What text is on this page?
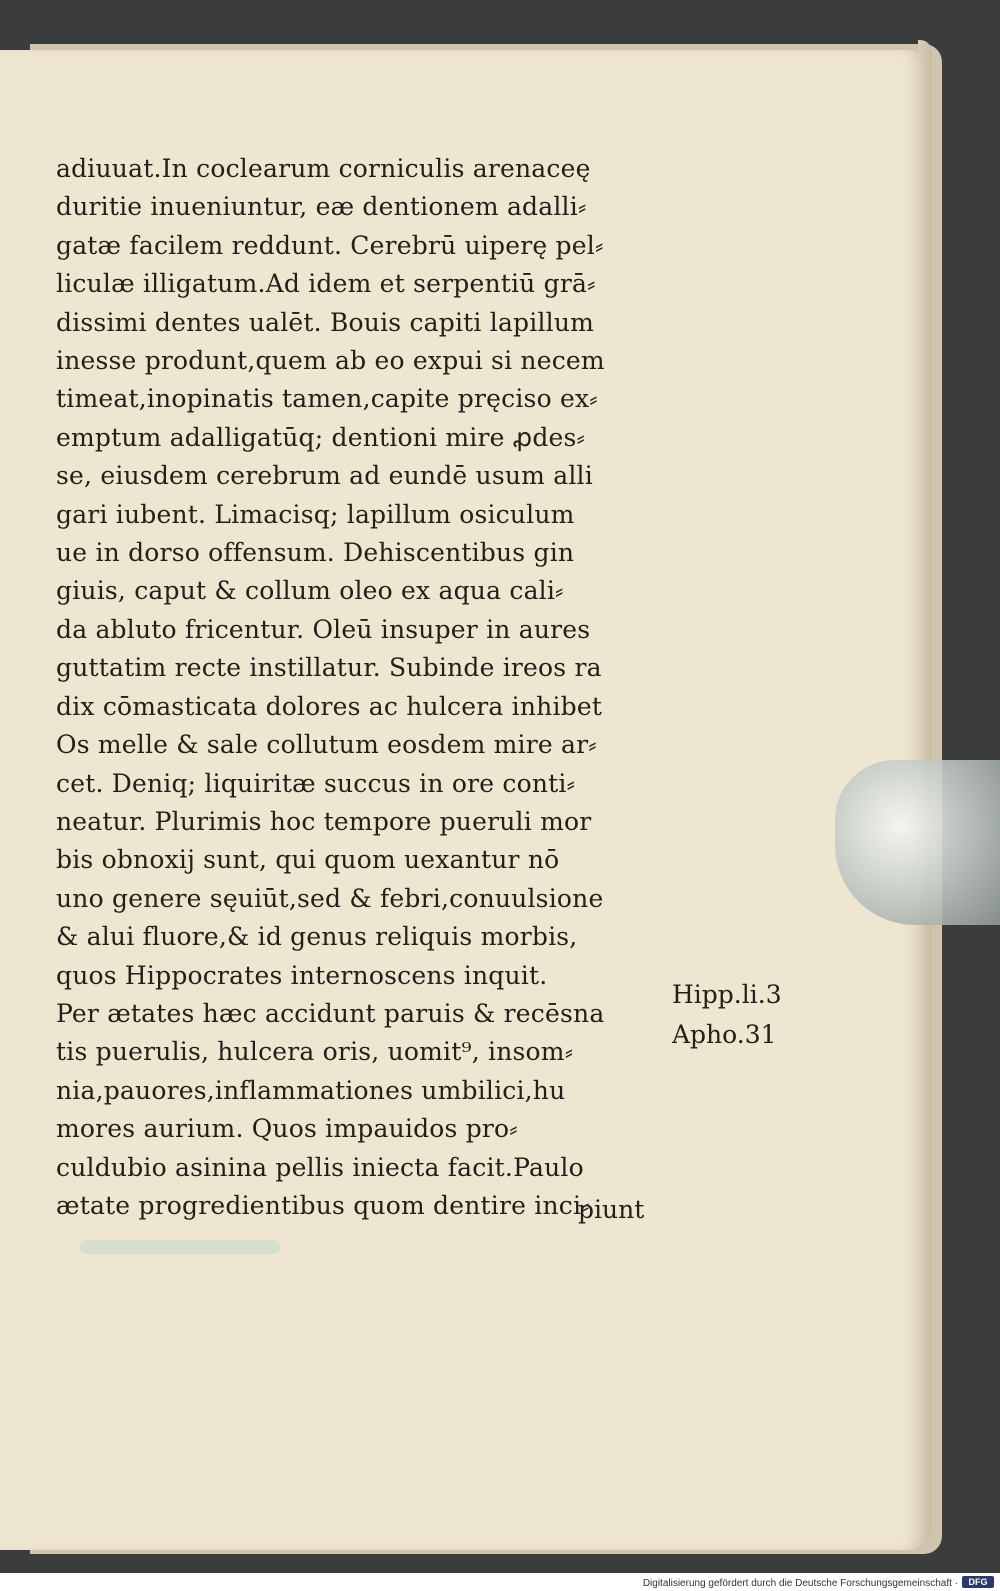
adiuuat.In coclearum corniculis arenaceę
duritie inueniuntur, eæ dentionem adalli⸗
gatæ facilem reddunt. Cerebrū uiperę pel⸗
liculæ illigatum.Ad idem et serpentiū grā⸗
dissimi dentes ualēt. Bouis capiti lapillum
inesse produnt,quem ab eo expui si necem
timeat,inopinatis tamen,capite pręciso ex⸗
emptum adalligatūq; dentioni mire ꝓdes⸗
se, eiusdem cerebrum ad eundē usum alli
gari iubent. Limacisq; lapillum osiculum
ue in dorso offensum. Dehiscentibus gin
giuis, caput & collum oleo ex aqua cali⸗
da abluto fricentur. Oleū insuper in aures
guttatim recte instillatur. Subinde ireos ra
dix cōmasticata dolores ac hulcera inhibet
Os melle & sale collutum eosdem mire ar⸗
cet. Deniq; liquiritæ succus in ore conti⸗
neatur. Plurimis hoc tempore pueruli mor
bis obnoxij sunt, qui quom uexantur nō
uno genere sęuiūt,sed & febri,conuulsione
& alui fluore,& id genus reliquis morbis,
quos Hippocrates internoscens inquit.
Per ætates hæc accidunt paruis & recēsna
tis puerulis, hulcera oris, uomit⁹, insom⸗
nia,pauores,inflammationes umbilici,hu
mores aurium. Quos impauidos pro⸗
culdubio asinina pellis iniecta facit.Paulo
ætate progredientibus quom dentire inci⸗
piunt
Hipp.li.3
Apho.31
Digitalisierung gefördert durch die Deutsche Forschungsgemeinschaft ·	DFG
